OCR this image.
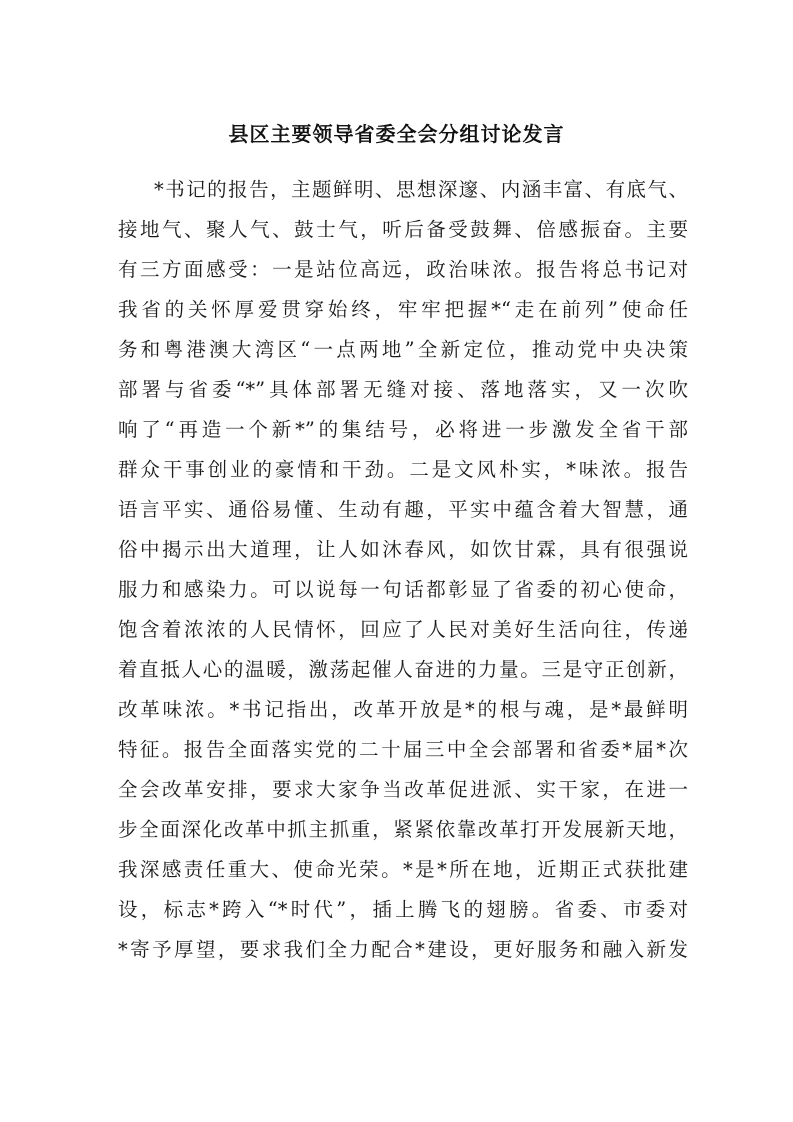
县区主要领导省委全会分组讨论发言
*书记的报告，主题鲜明、思想深邃、内涵丰富、有底气、
接地气、聚人气、鼓士气，听后备受鼓舞、倍感振奋。主要
有三方面感受：一是站位高远，政治味浓。报告将总书记对
我省的关怀厚爱贯穿始终，牢牢把握*“走在前列”使命任
务和粤港澳大湾区“一点两地”全新定位，推动党中央决策
部署与省委“*”具体部署无缝对接、落地落实，又一次吹
响了“再造一个新*”的集结号，必将进一步激发全省干部
群众干事创业的豪情和干劲。二是文风朴实，*味浓。报告
语言平实、通俗易懂、生动有趣，平实中蕴含着大智慧，通
俗中揭示出大道理，让人如沐春风，如饮甘霖，具有很强说
服力和感染力。可以说每一句话都彰显了省委的初心使命，
饱含着浓浓的人民情怀，回应了人民对美好生活向往，传递
着直抵人心的温暖，激荡起催人奋进的力量。三是守正创新，
改革味浓。*书记指出，改革开放是*的根与魂，是*最鲜明
特征。报告全面落实党的二十届三中全会部署和省委*届*次
全会改革安排，要求大家争当改革促进派、实干家，在进一
步全面深化改革中抓主抓重，紧紧依靠改革打开发展新天地，
我深感责任重大、使命光荣。*是*所在地，近期正式获批建
设，标志*跨入“*时代”，插上腾飞的翅膀。省委、市委对
*寄予厚望，要求我们全力配合*建设，更好服务和融入新发
